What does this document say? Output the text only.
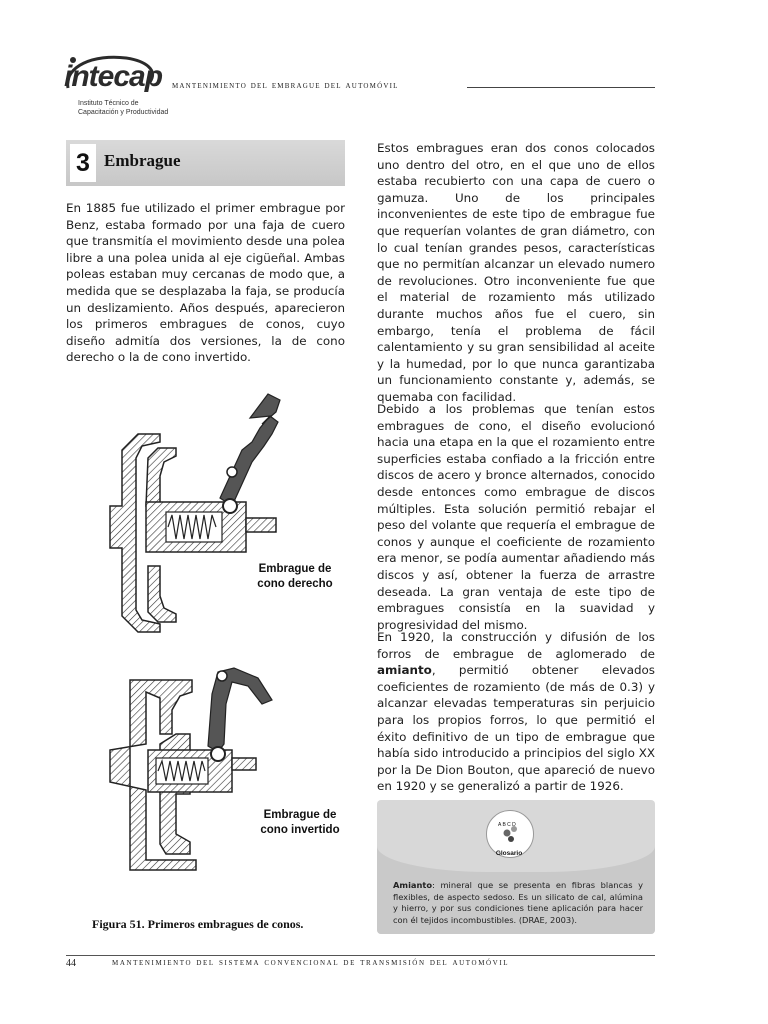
intecap
Instituto Técnico de
Capacitación y Productividad
mantenimiento del embrague del automóvil
3 Embrague
En 1885 fue utilizado el primer embrague por Benz, estaba formado por una faja de cuero que transmitía el movimiento desde una polea libre a una polea unida al eje cigüeñal. Ambas poleas estaban muy cercanas de modo que, a medida que se desplazaba la faja, se producía un deslizamiento. Años después, aparecieron los primeros embragues de conos, cuyo diseño admitía dos versiones, la de cono derecho o la de cono invertido.
Embrague de
cono derecho
Embrague de
cono invertido
Figura 51. Primeros embragues de conos.
Estos embragues eran dos conos colocados uno dentro del otro, en el que uno de ellos estaba recubierto con una capa de cuero o gamuza. Uno de los principales inconvenientes de este tipo de embrague fue que requerían volantes de gran diámetro, con lo cual tenían grandes pesos, características que no permitían alcanzar un elevado numero de revoluciones. Otro inconveniente fue que el material de rozamiento más utilizado durante muchos años fue el cuero, sin embargo, tenía el problema de fácil calentamiento y su gran sensibilidad al aceite y la humedad, por lo que nunca garantizaba un funcionamiento constante y, además, se quemaba con facilidad.
Debido a los problemas que tenían estos embragues de cono, el diseño evolucionó hacia una etapa en la que el rozamiento entre superficies estaba confiado a la fricción entre discos de acero y bronce alternados, conocido desde entonces como embrague de discos múltiples. Esta solución permitió rebajar el peso del volante que requería el embrague de conos y aunque el coeficiente de rozamiento era menor, se podía aumentar añadiendo más discos y así, obtener la fuerza de arrastre deseada. La gran ventaja de este tipo de embragues consistía en la suavidad y progresividad del mismo.
En 1920, la construcción y difusión de los forros de embrague de aglomerado de amianto, permitió obtener elevados coeficientes de rozamiento (de más de 0.3) y alcanzar elevadas temperaturas sin perjuicio para los propios forros, lo que permitió el éxito definitivo de un tipo de embrague que había sido introducido a principios del siglo XX por la De Dion Bouton, que apareció de nuevo en 1920 y se generalizó a partir de 1926.
A B C D
Glosario
Amianto: mineral que se presenta en fibras blancas y flexibles, de aspecto sedoso. Es un silicato de cal, alúmina y hierro, y por sus condiciones tiene aplicación para hacer con él tejidos incombustibles. (DRAE, 2003).
44	mantenimiento del sistema convencional de transmisión del automóvil
